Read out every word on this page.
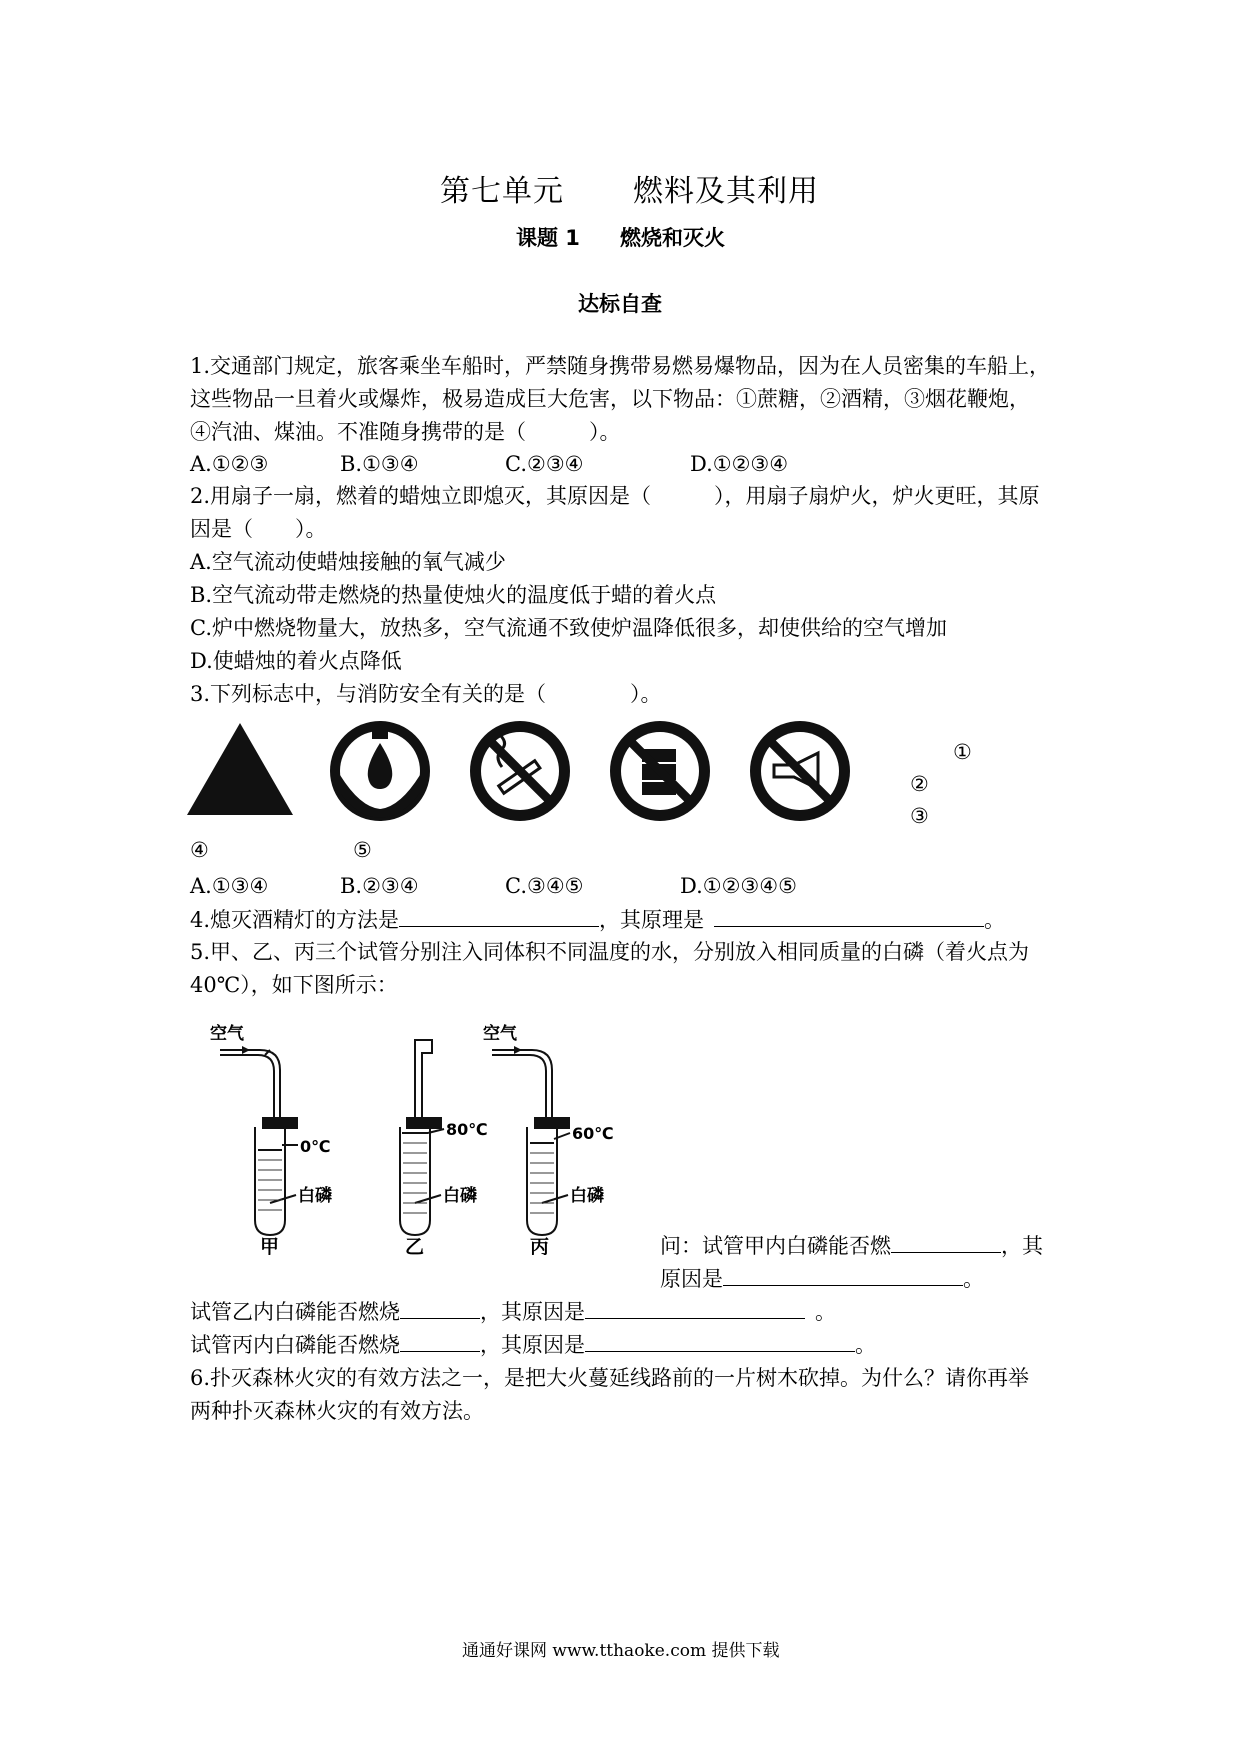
第七单元 燃料及其利用
课题 1 燃烧和灭火
达标自查
1.交通部门规定，旅客乘坐车船时，严禁随身携带易燃易爆物品，因为在人员密集的车船上，
这些物品一旦着火或爆炸，极易造成巨大危害，以下物品：①蔗糖，②酒精，③烟花鞭炮，
④汽油、煤油。不准随身携带的是（　　　）。
A.①②③	B.①③④	C.②③④	D.①②③④
2.用扇子一扇，燃着的蜡烛立即熄灭，其原因是（　　　），用扇子扇炉火，炉火更旺，其原
因是（　　）。
A.空气流动使蜡烛接触的氧气减少
B.空气流动带走燃烧的热量使烛火的温度低于蜡的着火点
C.炉中燃烧物量大，放热多，空气流通不致使炉温降低很多，却使供给的空气增加
D.使蜡烛的着火点降低
3.下列标志中，与消防安全有关的是（　　　　）。
①
②
③
④	⑤
A.①③④	B.②③④	C.③④⑤	D.①②③④⑤
4.熄灭酒精灯的方法是	，其原理是	。
5.甲、乙、丙三个试管分别注入同体积不同温度的水，分别放入相同质量的白磷（着火点为
40℃），如下图所示：
空气	空气
0℃
80℃	60℃
白磷	白磷	白磷
甲	乙	丙	问：试管甲内白磷能否燃	，其
原因是	。
试管乙内白磷能否燃烧	，其原因是	。
试管丙内白磷能否燃烧	，其原因是	。
6.扑灭森林火灾的有效方法之一，是把大火蔓延线路前的一片树木砍掉。为什么？请你再举
两种扑灭森林火灾的有效方法。
通通好课网 www.tthaoke.com 提供下载
